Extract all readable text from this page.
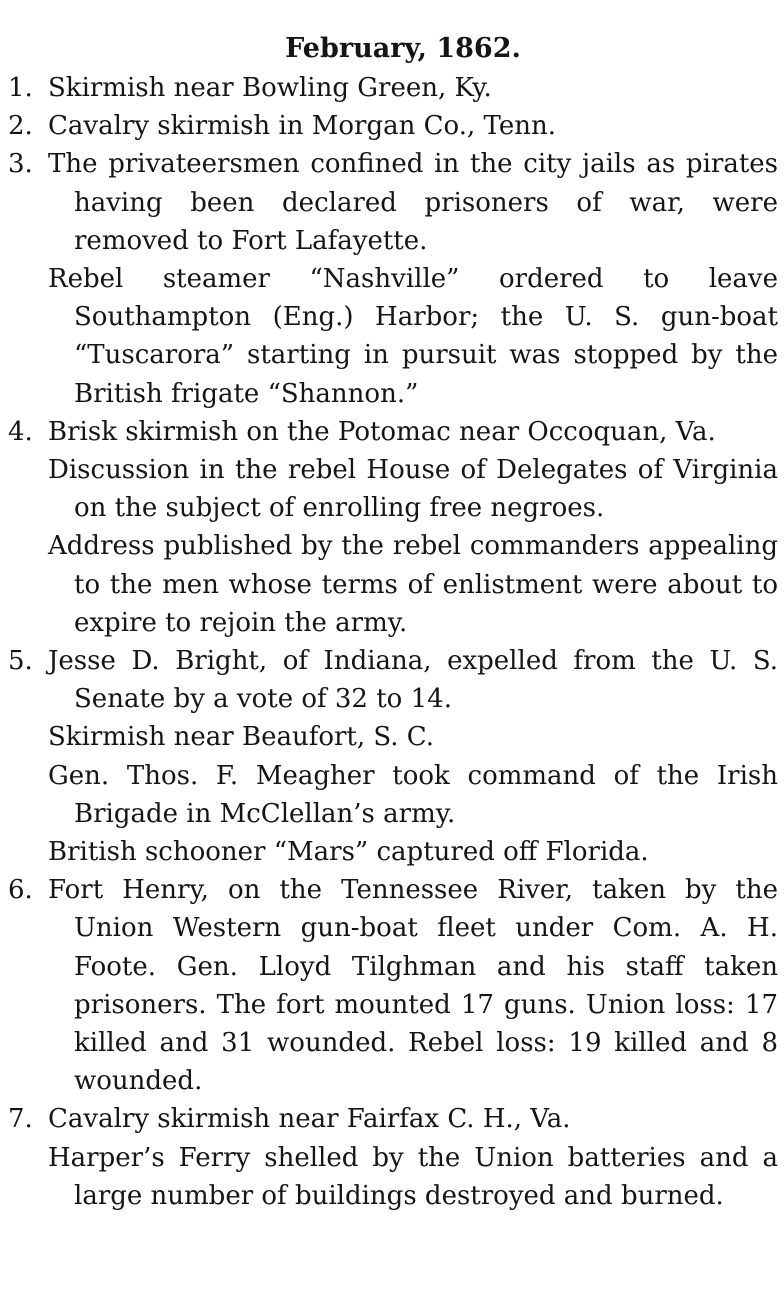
February, 1862.
1. Skirmish near Bowling Green, Ky.
2. Cavalry skirmish in Morgan Co., Tenn.
3. The privateersmen confined in the city jails as pirates having been declared prisoners of war, were removed to Fort Lafayette.
Rebel steamer “Nashville” ordered to leave Southampton (Eng.) Harbor; the U. S. gun-boat “Tuscarora” starting in pursuit was stopped by the British frigate “Shannon.”
4. Brisk skirmish on the Potomac near Occoquan, Va.
Discussion in the rebel House of Delegates of Virginia on the subject of enrolling free negroes.
Address published by the rebel commanders appealing to the men whose terms of enlistment were about to expire to rejoin the army.
5. Jesse D. Bright, of Indiana, expelled from the U. S. Senate by a vote of 32 to 14.
Skirmish near Beaufort, S. C.
Gen. Thos. F. Meagher took command of the Irish Brigade in McClellan’s army.
British schooner “Mars” captured off Florida.
6. Fort Henry, on the Tennessee River, taken by the Union Western gun-boat fleet under Com. A. H. Foote. Gen. Lloyd Tilghman and his staff taken prisoners. The fort mounted 17 guns. Union loss: 17 killed and 31 wounded. Rebel loss: 19 killed and 8 wounded.
7. Cavalry skirmish near Fairfax C. H., Va.
Harper’s Ferry shelled by the Union batteries and a large number of buildings destroyed and burned.
